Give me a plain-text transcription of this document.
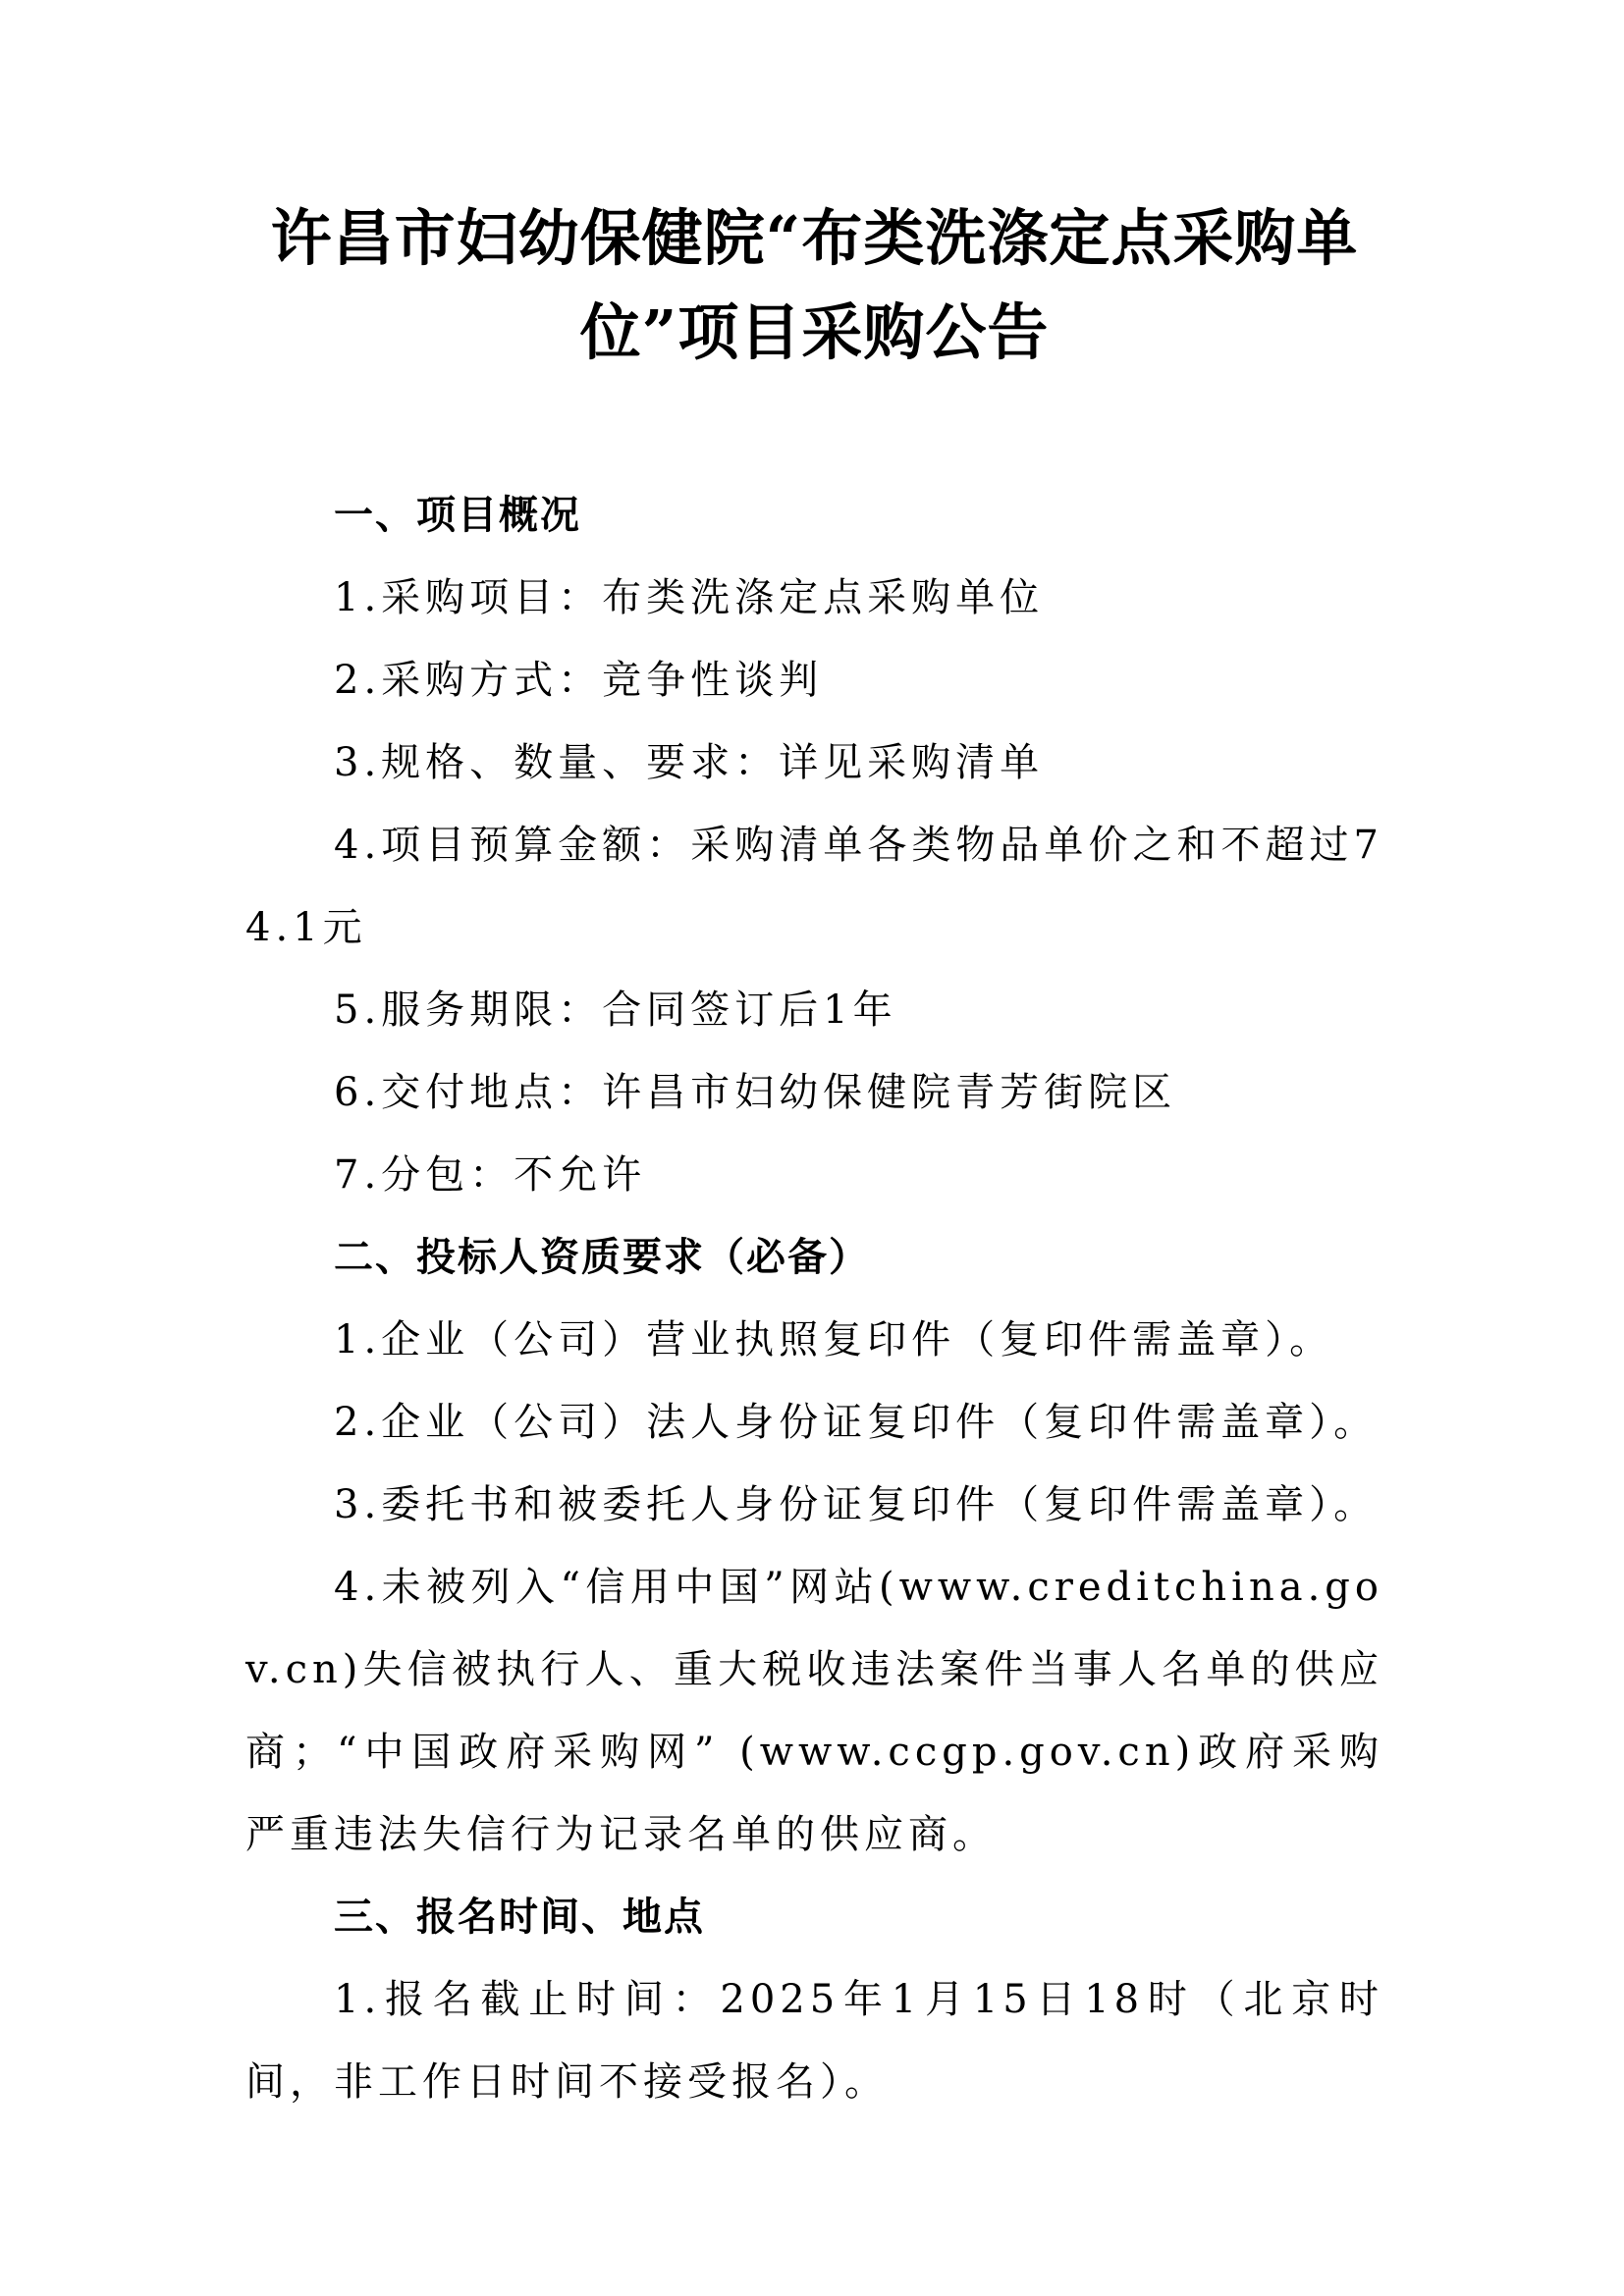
许昌市妇幼保健院“布类洗涤定点采购单
位”项目采购公告

一、项目概况

1.采购项目：布类洗涤定点采购单位

2.采购方式：竞争性谈判

3.规格、数量、要求：详见采购清单

4.项目预算金额：采购清单各类物品单价之和不超过74.1元

5.服务期限：合同签订后1年

6.交付地点：许昌市妇幼保健院青芳街院区

7.分包：不允许

二、投标人资质要求（必备）

1.企业（公司）营业执照复印件（复印件需盖章）。

2.企业（公司）法人身份证复印件（复印件需盖章）。

3.委托书和被委托人身份证复印件（复印件需盖章）。

4.未被列入“信用中国”网站(www.creditchina.gov.cn)失信被执行人、重大税收违法案件当事人名单的供应商；“中国政府采购网” (www.ccgp.gov.cn)政府采购严重违法失信行为记录名单的供应商。

三、报名时间、地点

1.报名截止时间：2025年1月15日18时（北京时间，非工作日时间不接受报名）。
